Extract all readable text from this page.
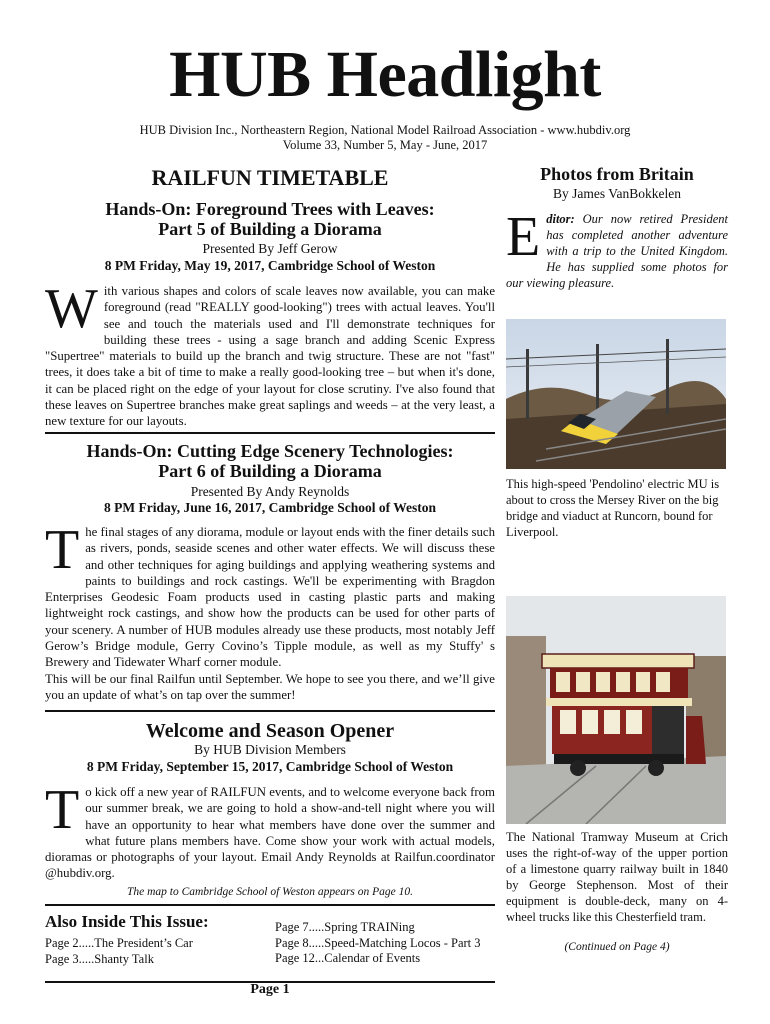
HUB Headlight
HUB Division Inc., Northeastern Region, National Model Railroad Association - www.hubdiv.org
Volume 33, Number 5, May - June, 2017
RAILFUN TIMETABLE
Hands-On: Foreground Trees with Leaves:
Part 5 of Building a Diorama
Presented By Jeff Gerow
8 PM Friday, May 19, 2017, Cambridge School of Weston
With various shapes and colors of scale leaves now available, you can make foreground (read "REALLY good-looking") trees with actual leaves. You'll see and touch the materials used and I'll demonstrate techniques for building these trees - using a sage branch and adding Scenic Express "Supertree" materials to build up the branch and twig structure. These are not "fast" trees, it does take a bit of time to make a really good-looking tree – but when it's done, it can be placed right on the edge of your layout for close scrutiny. I've also found that these leaves on Supertree branches make great saplings and weeds – at the very least, a new texture for our layouts.
Hands-On: Cutting Edge Scenery Technologies:
Part 6 of Building a Diorama
Presented By Andy Reynolds
8 PM Friday, June 16, 2017, Cambridge School of Weston
The final stages of any diorama, module or layout ends with the finer details such as rivers, ponds, seaside scenes and other water effects. We will discuss these and other techniques for aging buildings and applying weathering systems and paints to buildings and rock castings. We'll be experimenting with Bragdon Enterprises Geodesic Foam products used in casting plastic parts and making lightweight rock castings, and show how the products can be used for other parts of your scenery. A number of HUB modules already use these products, most notably Jeff Gerow’s Bridge module, Gerry Covino’s Tipple module, as well as my Stuffy' s Brewery and Tidewater Wharf corner module.
This will be our final Railfun until September. We hope to see you there, and we’ll give you an update of what’s on tap over the summer!
Welcome and Season Opener
By HUB Division Members
8 PM Friday, September 15, 2017, Cambridge School of Weston
To kick off a new year of RAILFUN events, and to welcome everyone back from our summer break, we are going to hold a show-and-tell night where you will have an opportunity to hear what members have done over the summer and what future plans members have. Come show your work with actual models, dioramas or photographs of your layout. Email Andy Reynolds at Railfun.coordinator @hubdiv.org.
The map to Cambridge School of Weston appears on Page 10.
Also Inside This Issue:
Page 2.....The President’s Car
Page 3.....Shanty Talk
Page 7.....Spring TRAINing
Page 8.....Speed-Matching Locos - Part 3
Page 12...Calendar of Events
Page 1
Photos from Britain
By James VanBokkelen
Editor: Our now retired President has completed another adventure with a trip to the United Kingdom. He has supplied some photos for our viewing pleasure.
This high-speed 'Pendolino' electric MU is about to cross the Mersey River on the big bridge and viaduct at Runcorn, bound for Liverpool.
The National Tramway Museum at Crich uses the right-of-way of the upper portion of a limestone quarry railway built in 1840 by George Stephenson. Most of their equipment is double-deck, many on 4-wheel trucks like this Chesterfield tram.
(Continued on Page 4)
